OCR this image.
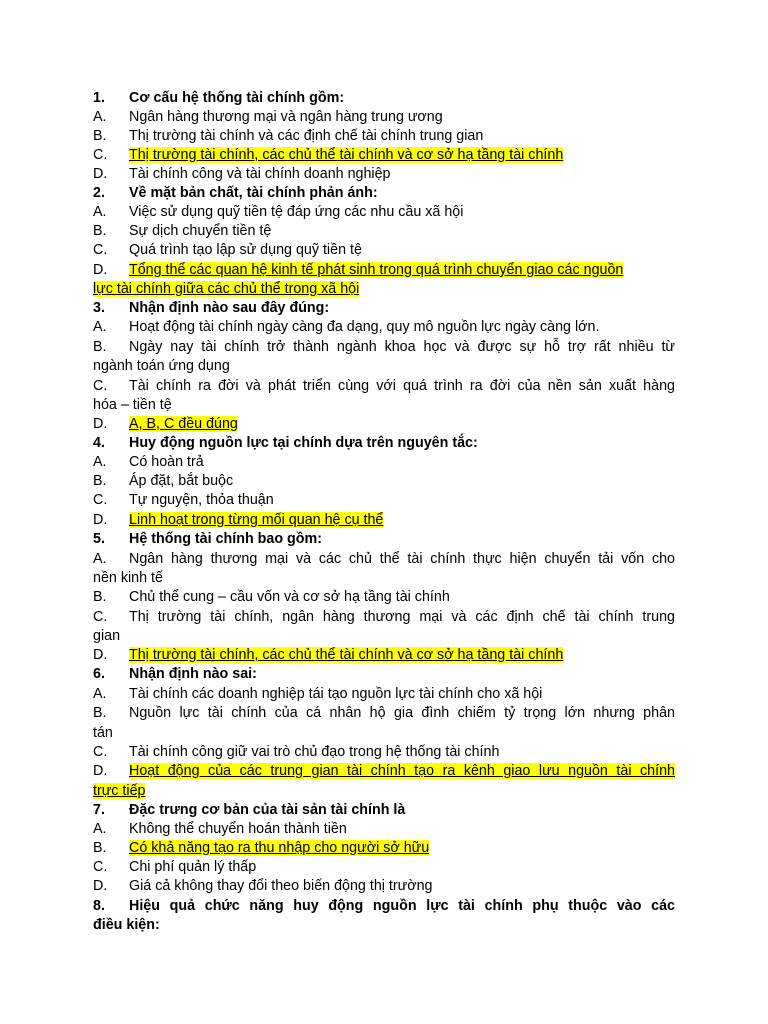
1. Cơ cấu hệ thống tài chính gồm:
A. Ngân hàng thương mại và ngân hàng trung ương
B. Thị trường tài chính và các định chế tài chính trung gian
C. Thị trường tài chính, các chủ thể tài chính và cơ sở hạ tầng tài chính
D. Tài chính công và tài chính doanh nghiệp
2. Về mặt bản chất, tài chính phản ánh:
A. Việc sử dụng quỹ tiền tệ đáp ứng các nhu cầu xã hội
B. Sự dịch chuyển tiền tệ
C. Quá trình tạo lập sử dụng quỹ tiền tệ
D. Tổng thể các quan hệ kinh tế phát sinh trong quá trình chuyển giao các nguồn
lực tài chính giữa các chủ thể trong xã hội
3. Nhận định nào sau đây đúng:
A. Hoạt động tài chính ngày càng đa dạng, quy mô nguồn lực ngày càng lớn.
B. Ngày nay tài chính trở thành ngành khoa học và được sự hỗ trợ rất nhiều từ
ngành toán ứng dụng
C. Tài chính ra đời và phát triển cùng với quá trình ra đời của nền sản xuất hàng
hóa – tiền tệ
D. A, B, C đều đúng
4. Huy động nguồn lực tại chính dựa trên nguyên tắc:
A. Có hoàn trả
B. Áp đặt, bắt buộc
C. Tự nguyện, thỏa thuận
D. Linh hoạt trong từng mối quan hệ cụ thể
5. Hệ thống tài chính bao gồm:
A. Ngân hàng thương mại và các chủ thể tài chính thực hiện chuyển tải vốn cho
nền kinh tế
B. Chủ thể cung – cầu vốn và cơ sở hạ tầng tài chính
C. Thị trường tài chính, ngân hàng thương mại và các định chế tài chính trung
gian
D. Thị trường tài chính, các chủ thể tài chính và cơ sở hạ tầng tài chính
6. Nhận định nào sai:
A. Tài chính các doanh nghiệp tái tạo nguồn lực tài chính cho xã hội
B. Nguồn lực tài chính của cá nhân hộ gia đình chiếm tỷ trọng lớn nhưng phân
tán
C. Tài chính công giữ vai trò chủ đạo trong hệ thống tài chính
D. Hoạt động của các trung gian tài chính tạo ra kênh giao lưu nguồn tài chính
trực tiếp
7. Đặc trưng cơ bản của tài sản tài chính là
A. Không thể chuyển hoán thành tiền
B. Có khả năng tạo ra thu nhập cho người sở hữu
C. Chi phí quản lý thấp
D. Giá cả không thay đổi theo biến động thị trường
8. Hiệu quả chức năng huy động nguồn lực tài chính phụ thuộc vào các
điều kiện:
